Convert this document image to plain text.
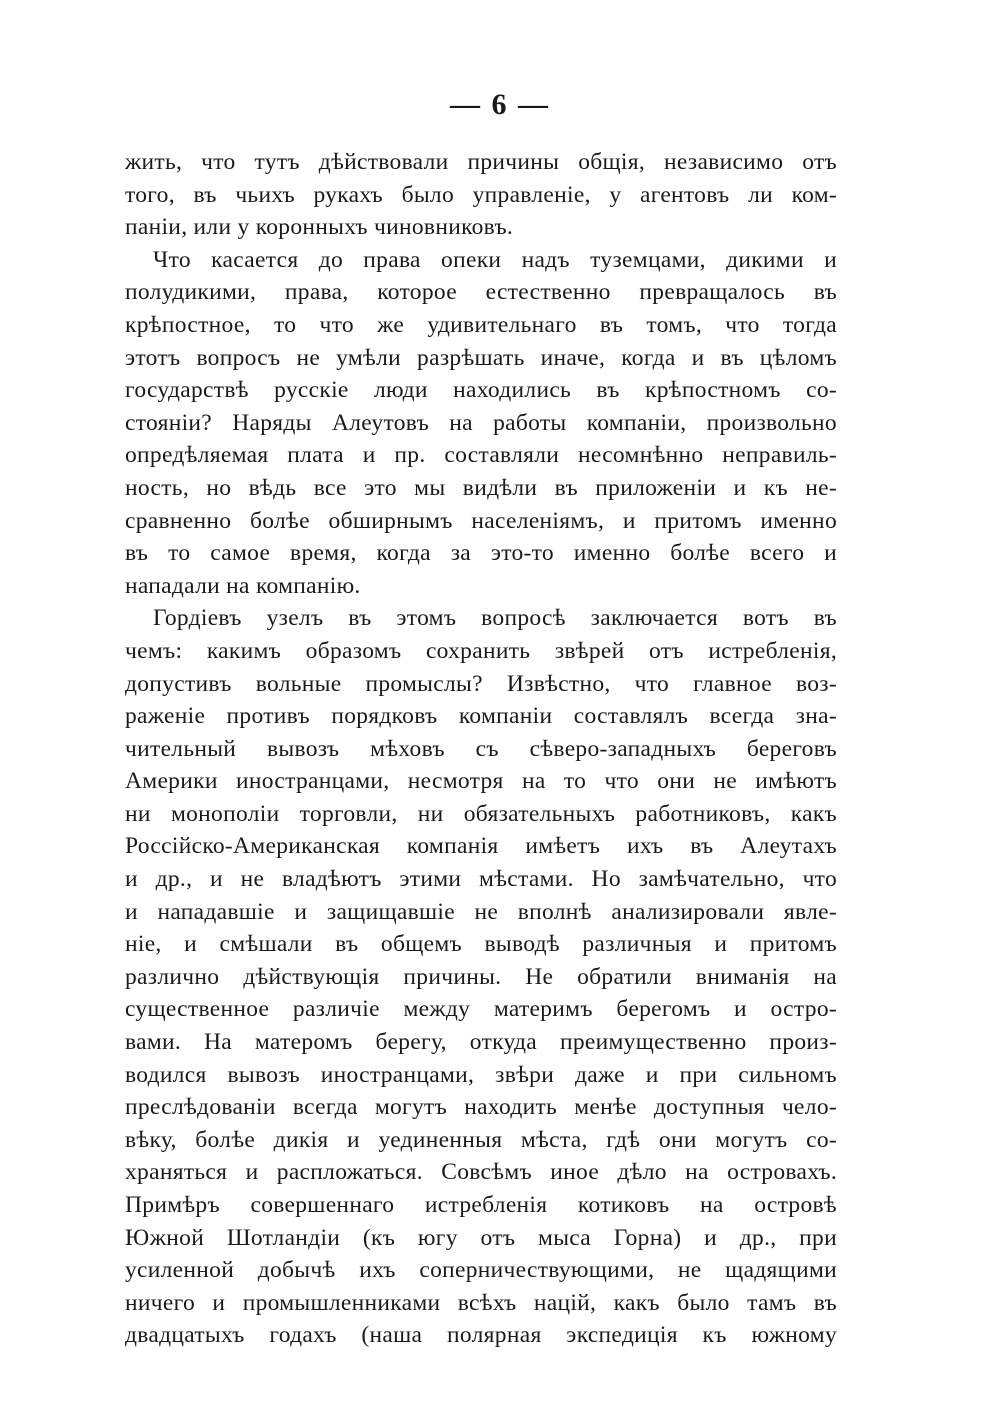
— 6 —
жить, что тутъ дѣйствовали причины общія, независимо отъ
того, въ чьихъ рукахъ было управленіе, у агентовъ ли ком-
паніи, или у коронныхъ чиновниковъ.
Что касается до права опеки надъ туземцами, дикими и
полудикими, права, которое естественно превращалось въ
крѣпостное, то что же удивительнаго въ томъ, что тогда
этотъ вопросъ не умѣли разрѣшать иначе, когда и въ цѣломъ
государствѣ русскіе люди находились въ крѣпостномъ со-
стояніи? Наряды Алеутовъ на работы компаніи, произвольно
опредѣляемая плата и пр. составляли несомнѣнно неправиль-
ность, но вѣдь все это мы видѣли въ приложеніи и къ не-
сравненно болѣе обширнымъ населеніямъ, и притомъ именно
въ то самое время, когда за это-то именно болѣе всего и
нападали на компанію.
Гордіевъ узелъ въ этомъ вопросѣ заключается вотъ въ
чемъ: какимъ образомъ сохранить звѣрей отъ истребленія,
допустивъ вольные промыслы? Извѣстно, что главное воз-
раженіе противъ порядковъ компаніи составлялъ всегда зна-
чительный вывозъ мѣховъ съ сѣверо-западныхъ береговъ
Америки иностранцами, несмотря на то что они не имѣютъ
ни монополіи торговли, ни обязательныхъ работниковъ, какъ
Россійско-Американская компанія имѣетъ ихъ въ Алеутахъ
и др., и не владѣютъ этими мѣстами. Но замѣчательно, что
и нападавшіе и защищавшіе не вполнѣ анализировали явле-
ніе, и смѣшали въ общемъ выводѣ различныя и притомъ
различно дѣйствующія причины. Не обратили вниманія на
существенное различіе между материмъ берегомъ и остро-
вами. На матеромъ берегу, откуда преимущественно произ-
водился вывозъ иностранцами, звѣри даже и при сильномъ
преслѣдованіи всегда могутъ находить менѣе доступныя чело-
вѣку, болѣе дикія и уединенныя мѣста, гдѣ они могутъ со-
храняться и распложаться. Совсѣмъ иное дѣло на островахъ.
Примѣръ совершеннаго истребленія котиковъ на островѣ
Южной Шотландіи (къ югу отъ мыса Горна) и др., при
усиленной добычѣ ихъ соперничествующими, не щадящими
ничего и промышленниками всѣхъ націй, какъ было тамъ въ
двадцатыхъ годахъ (наша полярная экспедиція къ южному
